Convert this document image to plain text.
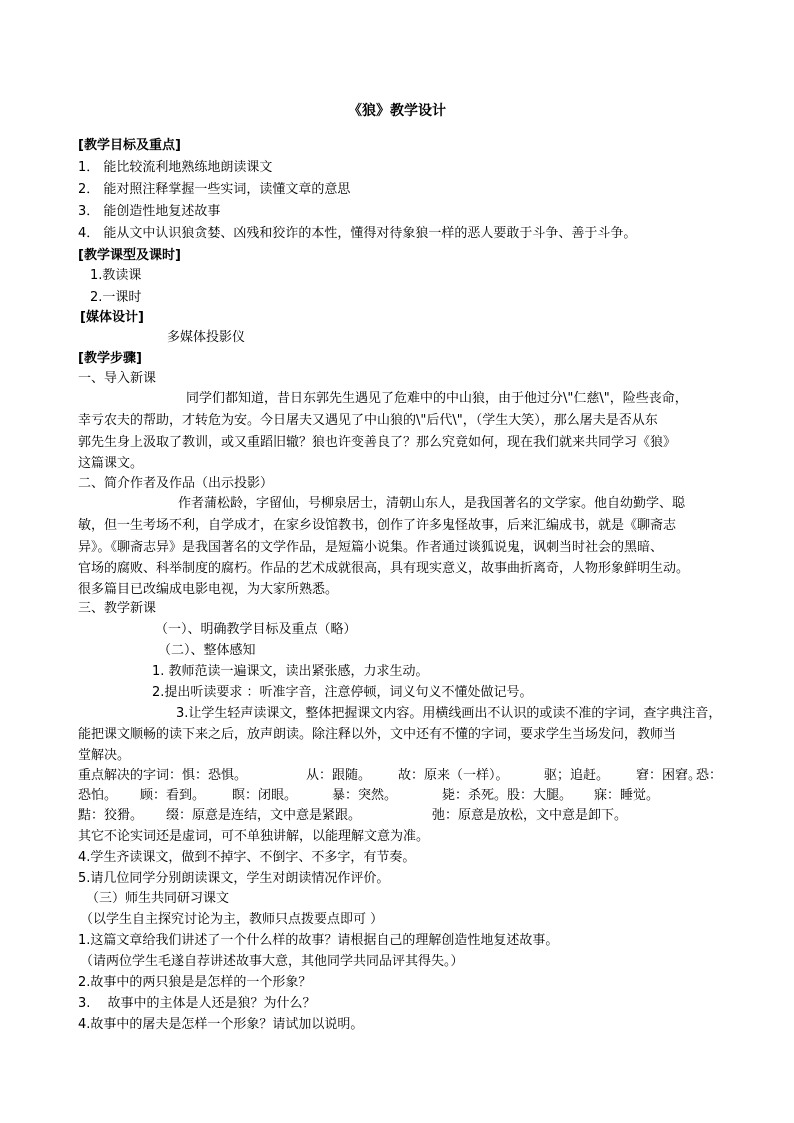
《狼》教学设计
[教学目标及重点]
1． 能比较流利地熟练地朗读课文
2． 能对照注释掌握一些实词，读懂文章的意思
3． 能创造性地复述故事
4． 能从文中认识狼贪婪、凶残和狡诈的本性，懂得对待象狼一样的恶人要敢于斗争、善于斗争。
[教学课型及课时]
1.教读课
2.一课时
[媒体设计]
多媒体投影仪
[教学步骤]
一、导入新课
同学们都知道，昔日东郭先生遇见了危难中的中山狼，由于他过分\"仁慈\"，险些丧命，
幸亏农夫的帮助，才转危为安。今日屠夫又遇见了中山狼的\"后代\"，（学生大笑），那么屠夫是否从东
郭先生身上汲取了教训，或又重蹈旧辙？狼也许变善良了？那么究竟如何，现在我们就来共同学习《狼》
这篇课文。
二、简介作者及作品（出示投影）
作者蒲松龄，字留仙，号柳泉居士，清朝山东人，是我国著名的文学家。他自幼勤学、聪
敏，但一生考场不利，自学成才，在家乡设馆教书，创作了许多鬼怪故事，后来汇编成书，就是《聊斋志
异》。《聊斋志异》是我国著名的文学作品，是短篇小说集。作者通过谈狐说鬼，讽刺当时社会的黑暗、
官场的腐败、科举制度的腐朽。作品的艺术成就很高，具有现实意义，故事曲折离奇，人物形象鲜明生动。
很多篇目已改编成电影电视，为大家所熟悉。
三、教学新课
（一）、明确教学目标及重点（略）
（二）、整体感知
1. 教师范读一遍课文，读出紧张感，力求生动。
2.提出听读要求 ：听准字音，注意停顿，词义句义不懂处做记号。
3.让学生轻声读课文，整体把握课文内容。用横线画出不认识的或读不准的字词，查字典注音，
能把课文顺畅的读下来之后，放声朗读。除注释以外，文中还有不懂的字词，要求学生当场发问，教师当
堂解决。
重点解决的字词：惧：恐惧。	从：跟随。 故：原来（一样）。	驱；追赶。 窘：困窘。
恐：
恐怕。 顾：看到。 瞑：闭眼。	暴：突然。	毙：杀死。股：大腿。 寐：睡觉。
黠：狡猾。 缀：原意是连结，文中意是紧跟。	弛：原意是放松，文中意是卸下。
其它不论实词还是虚词，可不单独讲解，以能理解文意为准。
4.学生齐读课文，做到不掉字、不倒字、不多字，有节奏。
5.请几位同学分别朗读课文，学生对朗读情况作评价。
（三）师生共同研习课文
（以学生自主探究讨论为主，教师只点拨要点即可 ）
1.这篇文章给我们讲述了一个什么样的故事？请根据自己的理解创造性地复述故事。
（请两位学生毛遂自荐讲述故事大意，其他同学共同品评其得失。）
2.故事中的两只狼是是怎样的一个形象？
3.　 故事中的主体是人还是狼？为什么？
4.故事中的屠夫是怎样一个形象？请试加以说明。
